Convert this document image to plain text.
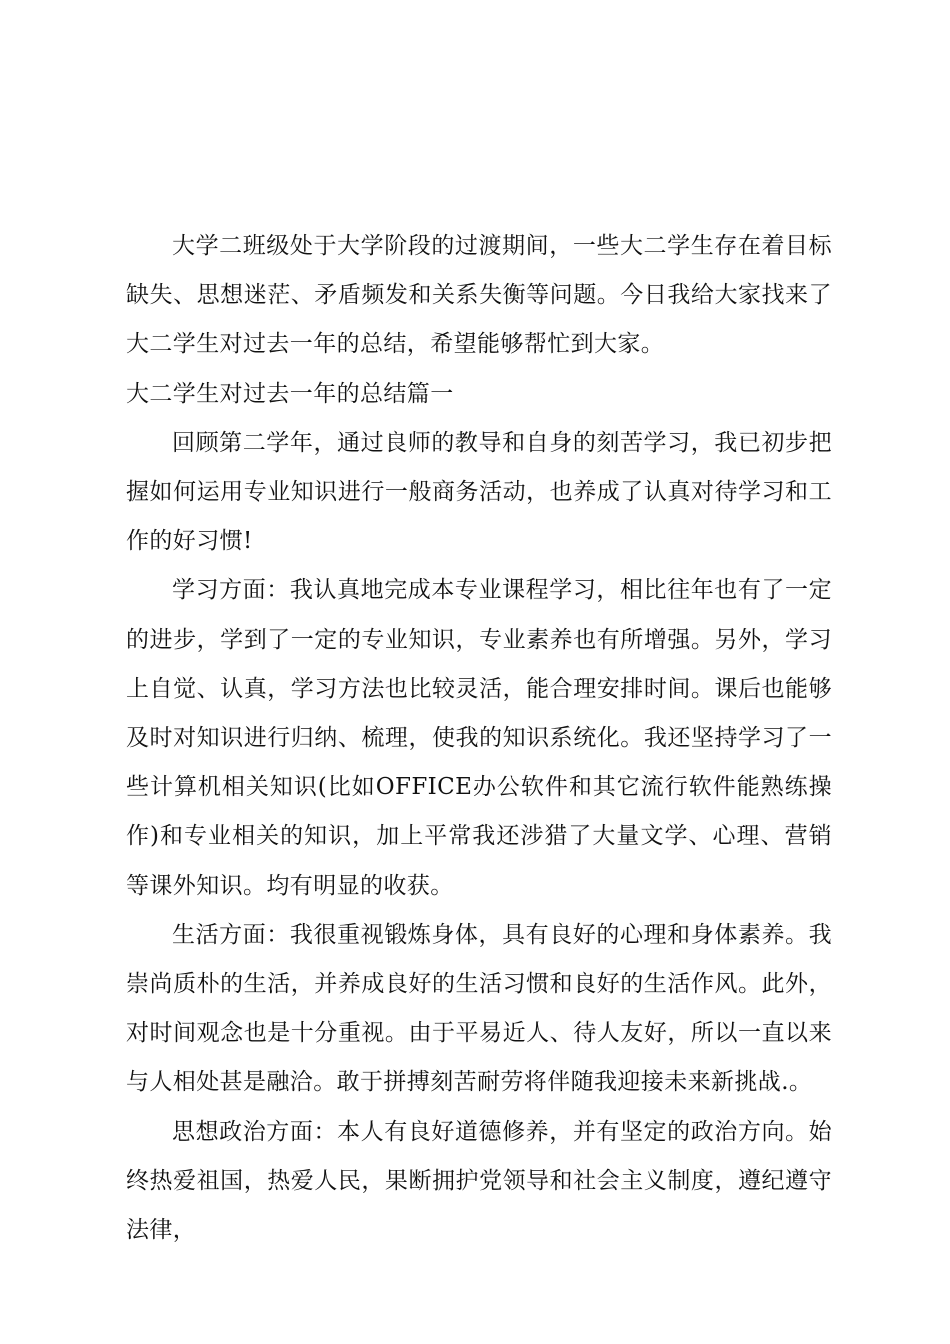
大学二班级处于大学阶段的过渡期间，一些大二学生存在着目标缺失、思想迷茫、矛盾频发和关系失衡等问题。今日我给大家找来了大二学生对过去一年的总结，希望能够帮忙到大家。

大二学生对过去一年的总结篇一

回顾第二学年，通过良师的教导和自身的刻苦学习，我已初步把握如何运用专业知识进行一般商务活动，也养成了认真对待学习和工作的好习惯!

学习方面：我认真地完成本专业课程学习，相比往年也有了一定的进步，学到了一定的专业知识，专业素养也有所增强。另外，学习上自觉、认真，学习方法也比较灵活，能合理安排时间。课后也能够及时对知识进行归纳、梳理，使我的知识系统化。我还坚持学习了一些计算机相关知识(比如OFFICE办公软件和其它流行软件能熟练操作)和专业相关的知识，加上平常我还涉猎了大量文学、心理、营销等课外知识。均有明显的收获。

生活方面：我很重视锻炼身体，具有良好的心理和身体素养。我崇尚质朴的生活，并养成良好的生活习惯和良好的生活作风。此外，对时间观念也是十分重视。由于平易近人、待人友好，所以一直以来与人相处甚是融洽。敢于拼搏刻苦耐劳将伴随我迎接未来新挑战.。

思想政治方面：本人有良好道德修养，并有坚定的政治方向。始终热爱祖国，热爱人民，果断拥护党领导和社会主义制度，遵纪遵守法律，
